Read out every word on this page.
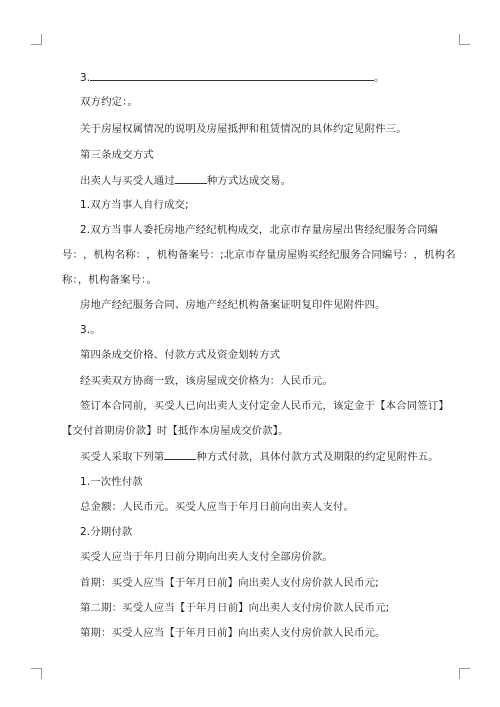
3.	。
双方约定：。
关于房屋权属情况的说明及房屋抵押和租赁情况的具体约定见附件三。
第三条成交方式
出卖人与买受人通过	种方式达成交易。
1.双方当事人自行成交;
2.双方当事人委托房地产经纪机构成交，北京市存量房屋出售经纪服务合同编
号： ，机构名称： ，机构备案号：;北京市存量房屋购买经纪服务合同编号： ，机构名
称：，机构备案号：。
房地产经纪服务合同、房地产经纪机构备案证明复印件见附件四。
3.。
第四条成交价格、付款方式及资金划转方式
经买卖双方协商一致，该房屋成交价格为：人民币元。
签订本合同前，买受人已向出卖人支付定金人民币元，该定金于【本合同签订】
【交付首期房价款】时【抵作本房屋成交价款】。
买受人采取下列第	种方式付款，具体付款方式及期限的约定见附件五。
1.一次性付款
总金额：人民币元。买受人应当于年月日前向出卖人支付。
2.分期付款
买受人应当于年月日前分期向出卖人支付全部房价款。
首期：买受人应当【于年月日前】向出卖人支付房价款人民币元;
第二期：买受人应当【于年月日前】向出卖人支付房价款人民币元;
第期：买受人应当【于年月日前】向出卖人支付房价款人民币元。
